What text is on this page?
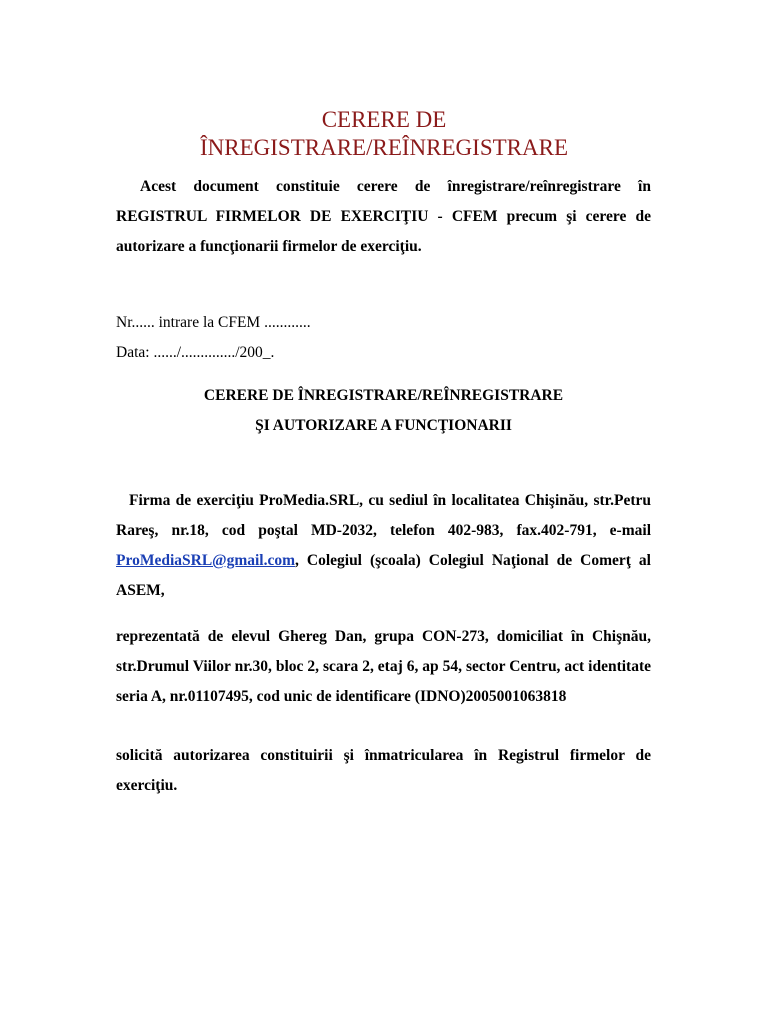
CERERE DE
ÎNREGISTRARE/REÎNREGISTRARE

Acest document constituie cerere de înregistrare/reînregistrare în REGISTRUL FIRMELOR DE EXERCIŢIU - CFEM precum şi cerere de autorizare a funcţionarii firmelor de exerciţiu.

Nr...... intrare la CFEM ............

Data: ....../............../200_.

CERERE DE ÎNREGISTRARE/REÎNREGISTRARE

ŞI AUTORIZARE A FUNCŢIONARII

Firma de exerciţiu ProMedia.SRL, cu sediul în localitatea Chişinău, str.Petru Rareş, nr.18, cod poştal MD-2032, telefon 402-983, fax.402-791, e-mail ProMediaSRL@gmail.com, Colegiul (şcoala) Colegiul Naţional de Comerţ al ASEM,

reprezentată de elevul Ghereg Dan, grupa CON-273, domiciliat în Chişnău, str.Drumul Viilor nr.30, bloc 2, scara 2, etaj 6, ap 54, sector Centru, act identitate seria A, nr.01107495, cod unic de identificare (IDNO)2005001063818

solicită autorizarea constituirii şi înmatricularea în Registrul firmelor de exerciţiu.
